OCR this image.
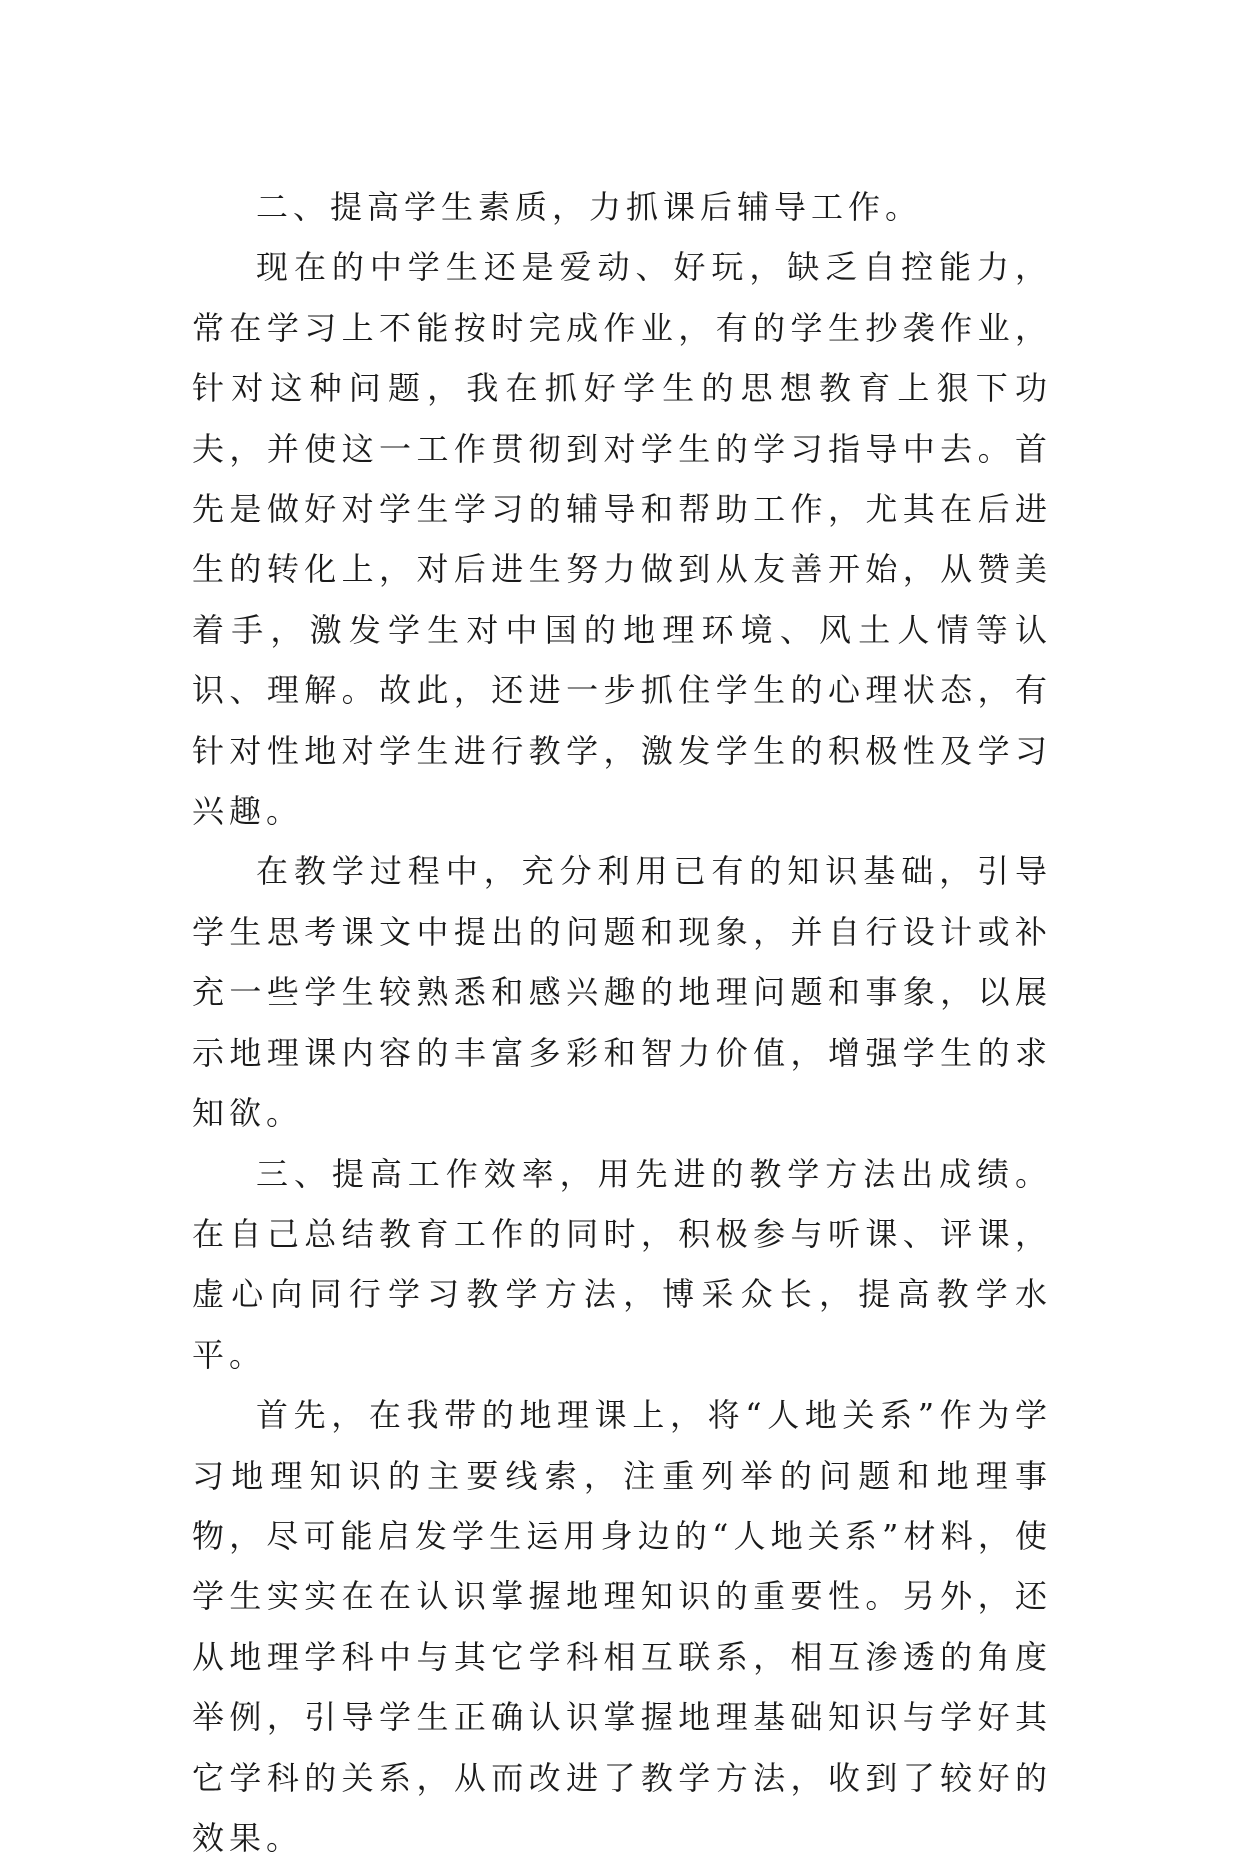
二、提高学生素质，力抓课后辅导工作。

现在的中学生还是爱动、好玩，缺乏自控能力，常在学习上不能按时完成作业，有的学生抄袭作业，针对这种问题，我在抓好学生的思想教育上狠下功夫，并使这一工作贯彻到对学生的学习指导中去。首先是做好对学生学习的辅导和帮助工作，尤其在后进生的转化上，对后进生努力做到从友善开始，从赞美着手，激发学生对中国的地理环境、风土人情等认识、理解。故此，还进一步抓住学生的心理状态，有针对性地对学生进行教学，激发学生的积极性及学习兴趣。

在教学过程中，充分利用已有的知识基础，引导学生思考课文中提出的问题和现象，并自行设计或补充一些学生较熟悉和感兴趣的地理问题和事象，以展示地理课内容的丰富多彩和智力价值，增强学生的求知欲。

三、提高工作效率，用先进的教学方法出成绩。在自己总结教育工作的同时，积极参与听课、评课，虚心向同行学习教学方法，博采众长，提高教学水平。

首先，在我带的地理课上，将“人地关系”作为学习地理知识的主要线索，注重列举的问题和地理事物，尽可能启发学生运用身边的“人地关系”材料，使学生实实在在认识掌握地理知识的重要性。另外，还从地理学科中与其它学科相互联系，相互渗透的角度举例，引导学生正确认识掌握地理基础知识与学好其它学科的关系，从而改进了教学方法，收到了较好的效果。
